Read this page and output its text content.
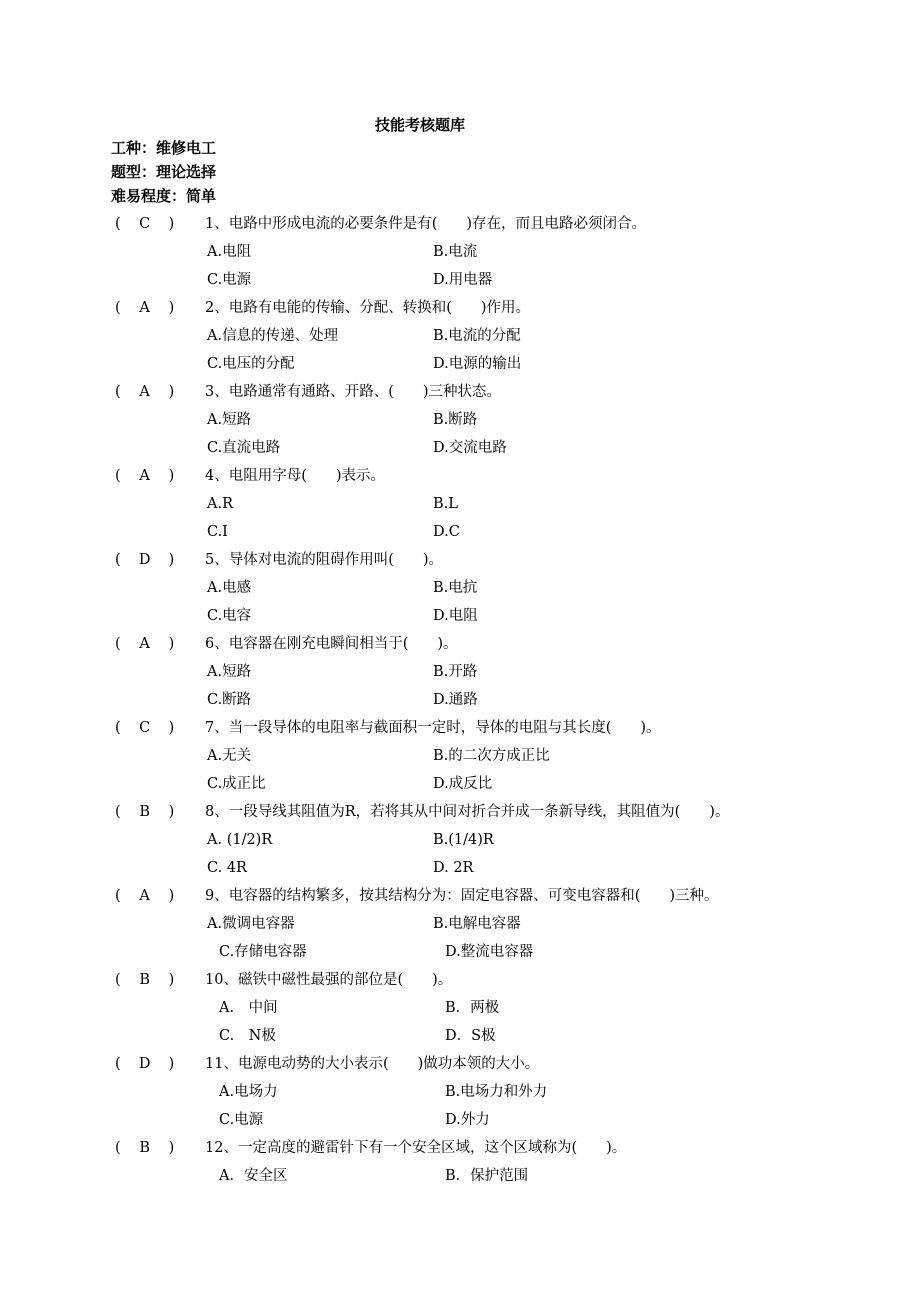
技能考核题库
工种：维修电工
题型：理论选择
难易程度：简单
( C ) 1、电路中形成电流的必要条件是有(　　)存在，而且电路必须闭合。
A.电阻	B.电流
C.电源	D.用电器
( A ) 2、电路有电能的传输、分配、转换和(　　)作用。
A.信息的传递、处理	B.电流的分配
C.电压的分配	D.电源的输出
( A ) 3、电路通常有通路、开路、(　　)三种状态。
A.短路	B.断路
C.直流电路	D.交流电路
( A ) 4、电阻用字母(　　)表示。
A.R	B.L
C.I	D.C
( D ) 5、导体对电流的阻碍作用叫(　　)。
A.电感	B.电抗
C.电容	D.电阻
( A ) 6、电容器在刚充电瞬间相当于(　　)。
A.短路	B.开路
C.断路	D.通路
( C ) 7、当一段导体的电阻率与截面积一定时，导体的电阻与其长度(　　)。
A.无关	B.的二次方成正比
C.成正比	D.成反比
( B ) 8、一段导线其阻值为R，若将其从中间对折合并成一条新导线，其阻值为(　　)。
A. (1/2)R	B.(1/4)R
C. 4R	D. 2R
( A ) 9、电容器的结构繁多，按其结构分为：固定电容器、可变电容器和(　　)三种。
A.微调电容器	B.电解电容器
C.存储电容器	D.整流电容器
( B ) 10、磁铁中磁性最强的部位是(　　)。
A.　中间	B．两极
C.　N极	D．S极
( D ) 11、电源电动势的大小表示(　　)做功本领的大小。
A.电场力	B.电场力和外力
C.电源	D.外力
( B ) 12、一定高度的避雷针下有一个安全区域，这个区域称为(　　)。
A．安全区	B．保护范围
